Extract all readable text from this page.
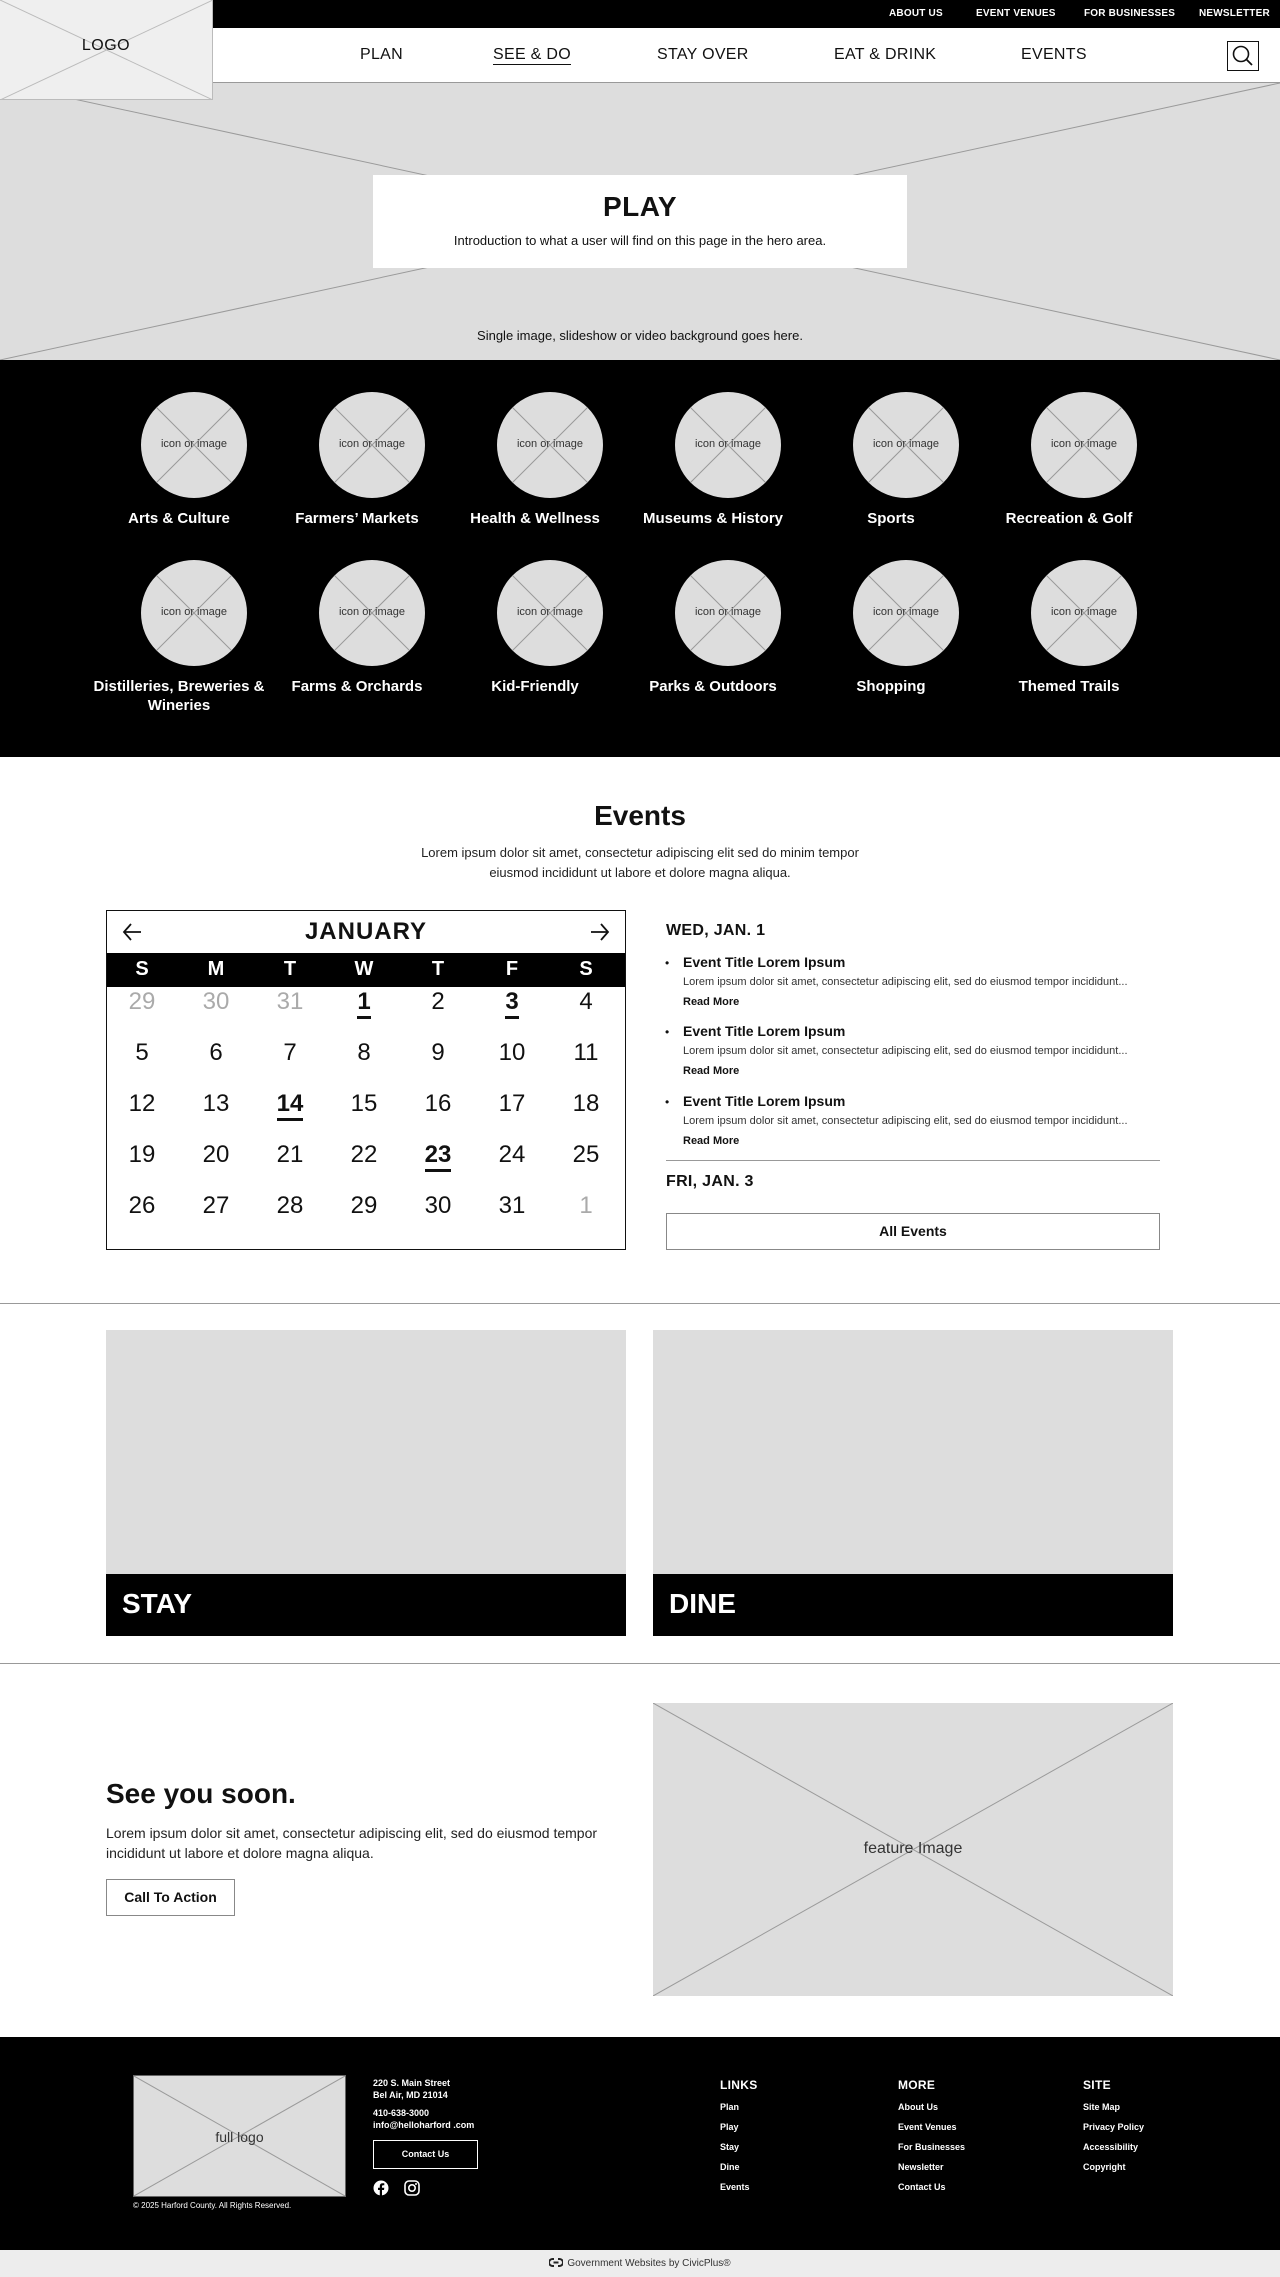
ABOUT US	EVENT VENUES	FOR BUSINESSES NEWSLETTER
PLAN	SEE & DO	STAY OVER	EAT & DRINK	EVENTS
LOGO
PLAY
Introduction to what a user will find on this page in the hero area.
Single image, slideshow or video background goes here.
icon or image
Arts & Culture
icon or image
Farmers’ Markets
icon or image
Health & Wellness
icon or image
Museums & History
icon or image
Sports
icon or image
Recreation & Golf
icon or image
Distilleries, Breweries & Wineries
icon or image
Farms & Orchards
icon or image
Kid-Friendly
icon or image
Parks & Outdoors
icon or image
Shopping
icon or image
Themed Trails
Events
Lorem ipsum dolor sit amet, consectetur adipiscing elit sed do minim tempor eiusmod incididunt ut labore et dolore magna aliqua.
JANUARY
S	M	T	W	T	F	S
29	30	31	1	2	3	4
5	6	7	8	9	10	11
12	13	14	15	16	17	18
19	20	21	22	23	24	25
26	27	28	29	30	31	1
WED, JAN. 1
• Event Title Lorem Ipsum
Lorem ipsum dolor sit amet, consectetur adipiscing elit, sed do eiusmod tempor incididunt...
Read More
• Event Title Lorem Ipsum
Lorem ipsum dolor sit amet, consectetur adipiscing elit, sed do eiusmod tempor incididunt...
Read More
• Event Title Lorem Ipsum
Lorem ipsum dolor sit amet, consectetur adipiscing elit, sed do eiusmod tempor incididunt...
Read More
FRI, JAN. 3
All Events
STAY	DINE
See you soon.
Lorem ipsum dolor sit amet, consectetur adipiscing elit, sed do eiusmod tempor incididunt ut labore et dolore magna aliqua.
Call To Action
feature Image
full logo
© 2025 Harford County. All Rights Reserved.
220 S. Main Street
Bel Air, MD 21014
410-638-3000
info@helloharford .com
Contact Us
LINKS
Plan
Play
Stay
Dine
Events
MORE
About Us
Event Venues
For Businesses
Newsletter
Contact Us
SITE
Site Map
Privacy Policy
Accessibility
Copyright
Government Websites by CivicPlus®
